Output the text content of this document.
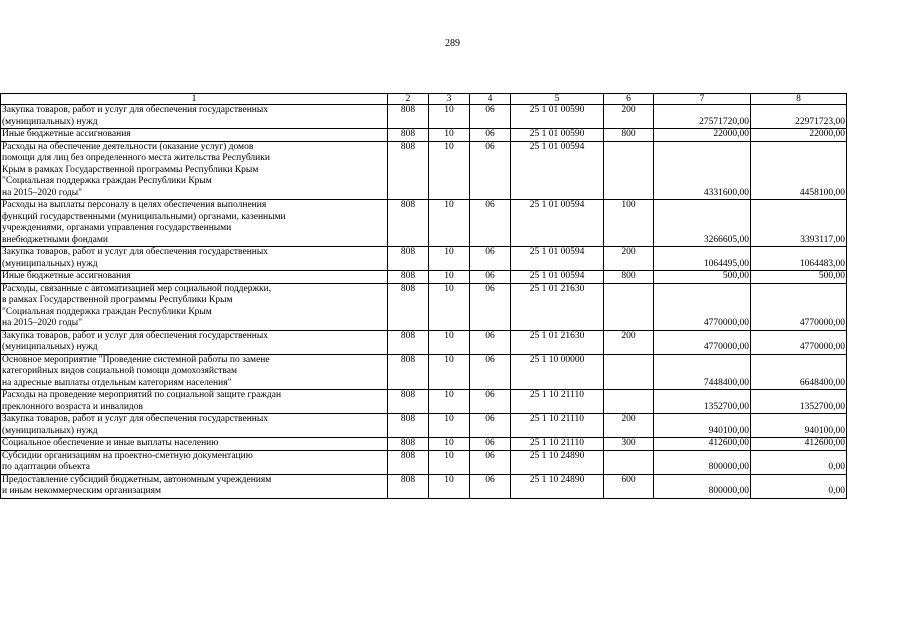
289
1	2	3	4	5	6	7	8

Закупка товаров, работ и услуг для обеспечения государственных
(муниципальных) нужд	808	10	06	25 1 01 00590	200	27571720,00	22971723,00

Иные бюджетные ассигнования	808	10	06	25 1 01 00590	800	22000,00	22000,00

Расходы на обеспечение деятельности (оказание услуг) домов
помощи для лиц без определенного места жительства Республики
Крым в рамках Государственной программы Республики Крым
"Социальная поддержка граждан Республики Крым
на 2015–2020 годы"	808	10	06	25 1 01 00594		4331600,00	4458100,00

Расходы на выплаты персоналу в целях обеспечения выполнения
функций государственными (муниципальными) органами, казенными
учреждениями, органами управления государственными
внебюджетными фондами	808	10	06	25 1 01 00594	100	3266605,00	3393117,00

Закупка товаров, работ и услуг для обеспечения государственных
(муниципальных) нужд	808	10	06	25 1 01 00594	200	1064495,00	1064483,00

Иные бюджетные ассигнования	808	10	06	25 1 01 00594	800	500,00	500,00

Расходы, связанные с автоматизацией мер социальной поддержки,
в рамках Государственной программы Республики Крым
"Социальная поддержка граждан Республики Крым
на 2015–2020 годы"	808	10	06	25 1 01 21630		4770000,00	4770000,00

Закупка товаров, работ и услуг для обеспечения государственных
(муниципальных) нужд	808	10	06	25 1 01 21630	200	4770000,00	4770000,00

Основное мероприятие "Проведение системной работы по замене
категорийных видов социальной помощи домохозяйствам
на адресные выплаты отдельным категориям населения"	808	10	06	25 1 10 00000		7448400,00	6648400,00

Расходы на проведение мероприятий по социальной защите граждан
преклонного возраста и инвалидов	808	10	06	25 1 10 21110		1352700,00	1352700,00

Закупка товаров, работ и услуг для обеспечения государственных
(муниципальных) нужд	808	10	06	25 1 10 21110	200	940100,00	940100,00

Социальное обеспечение и иные выплаты населению	808	10	06	25 1 10 21110	300	412600,00	412600,00

Субсидии организациям на проектно-сметную документацию
по адаптации объекта	808	10	06	25 1 10 24890		800000,00	0,00

Предоставление субсидий бюджетным, автономным учреждениям
и иным некоммерческим организациям	808	10	06	25 1 10 24890	600	800000,00	0,00
